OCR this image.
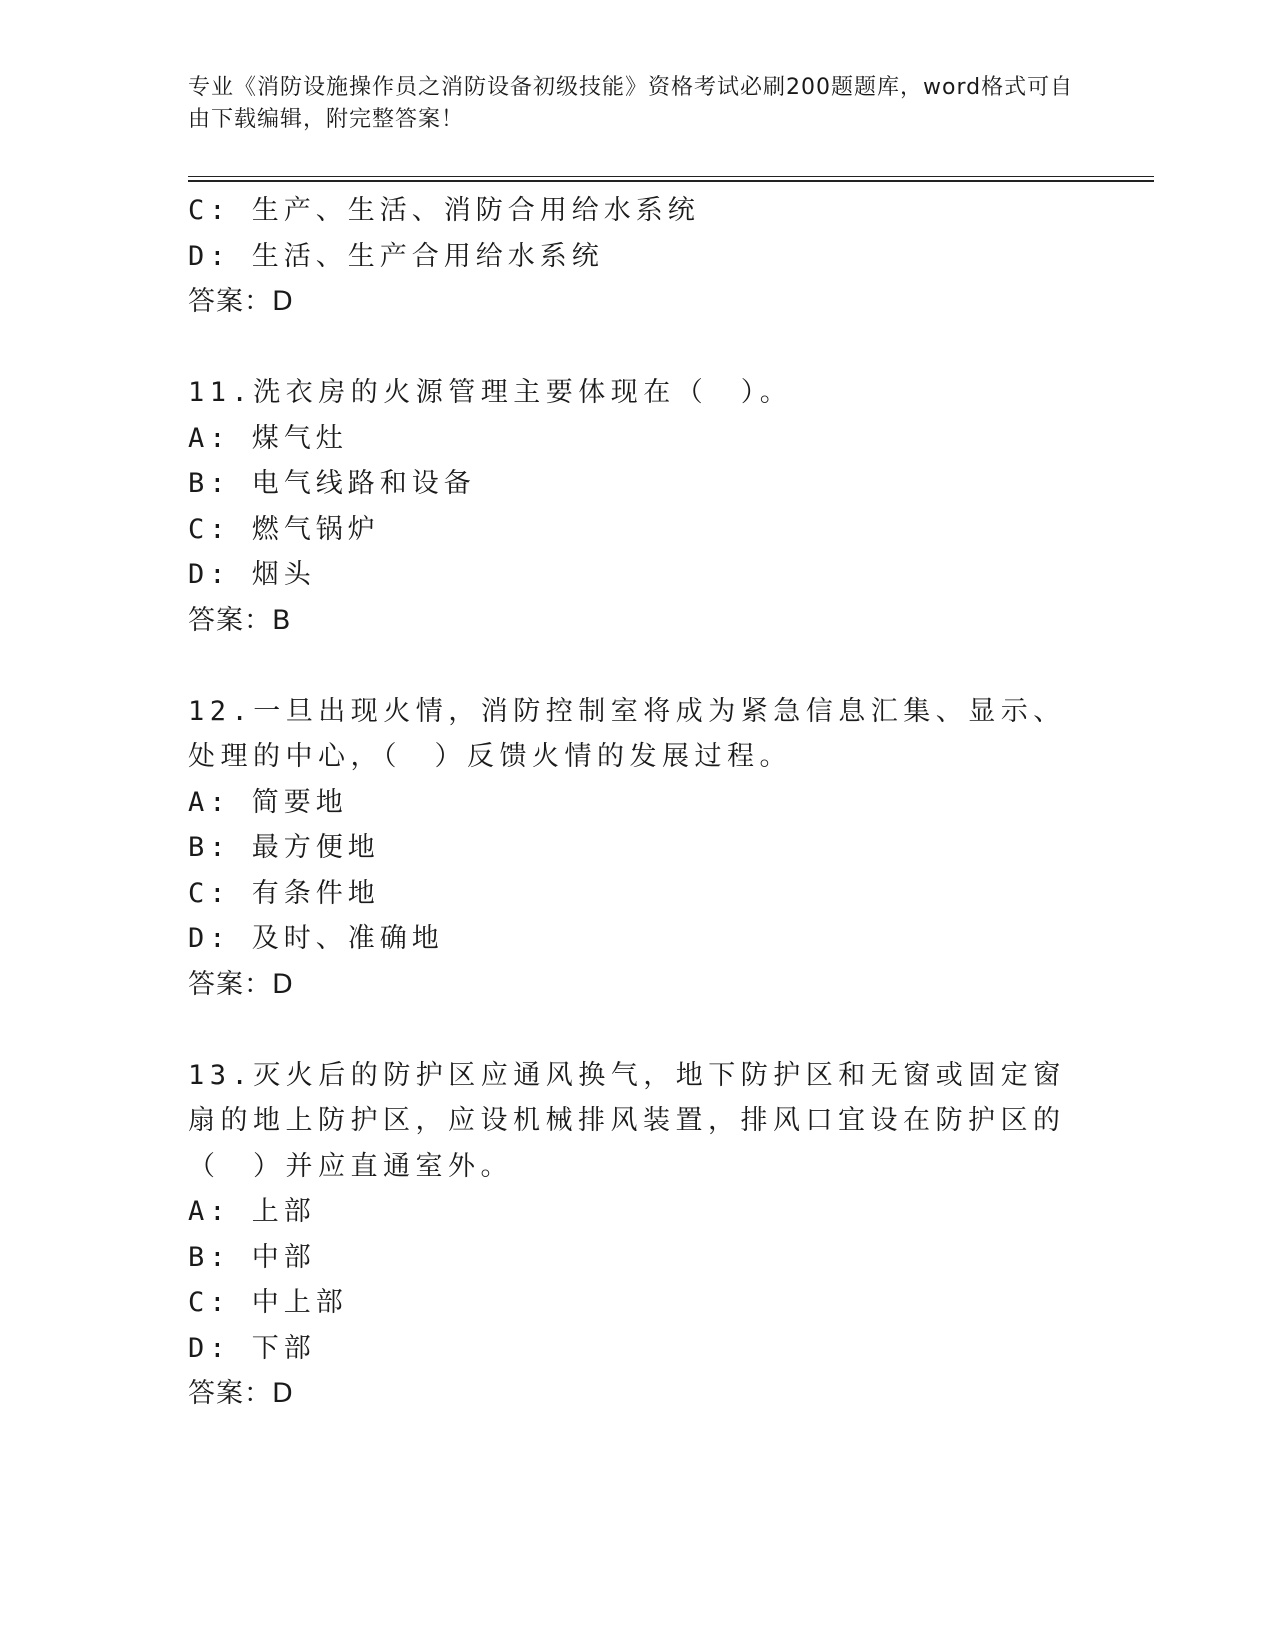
专业《消防设施操作员之消防设备初级技能》资格考试必刷200题题库，word格式可自由下载编辑，附完整答案！
C: 生产、生活、消防合用给水系统
D: 生活、生产合用给水系统
答案：D
11.洗衣房的火源管理主要体现在（　）。
A: 煤气灶
B: 电气线路和设备
C: 燃气锅炉
D: 烟头
答案：B
12.一旦出现火情，消防控制室将成为紧急信息汇集、显示、处理的中心，（　）反馈火情的发展过程。
A: 简要地
B: 最方便地
C: 有条件地
D: 及时、准确地
答案：D
13.灭火后的防护区应通风换气，地下防护区和无窗或固定窗扇的地上防护区，应设机械排风装置，排风口宜设在防护区的（　）并应直通室外。
A: 上部
B: 中部
C: 中上部
D: 下部
答案：D
